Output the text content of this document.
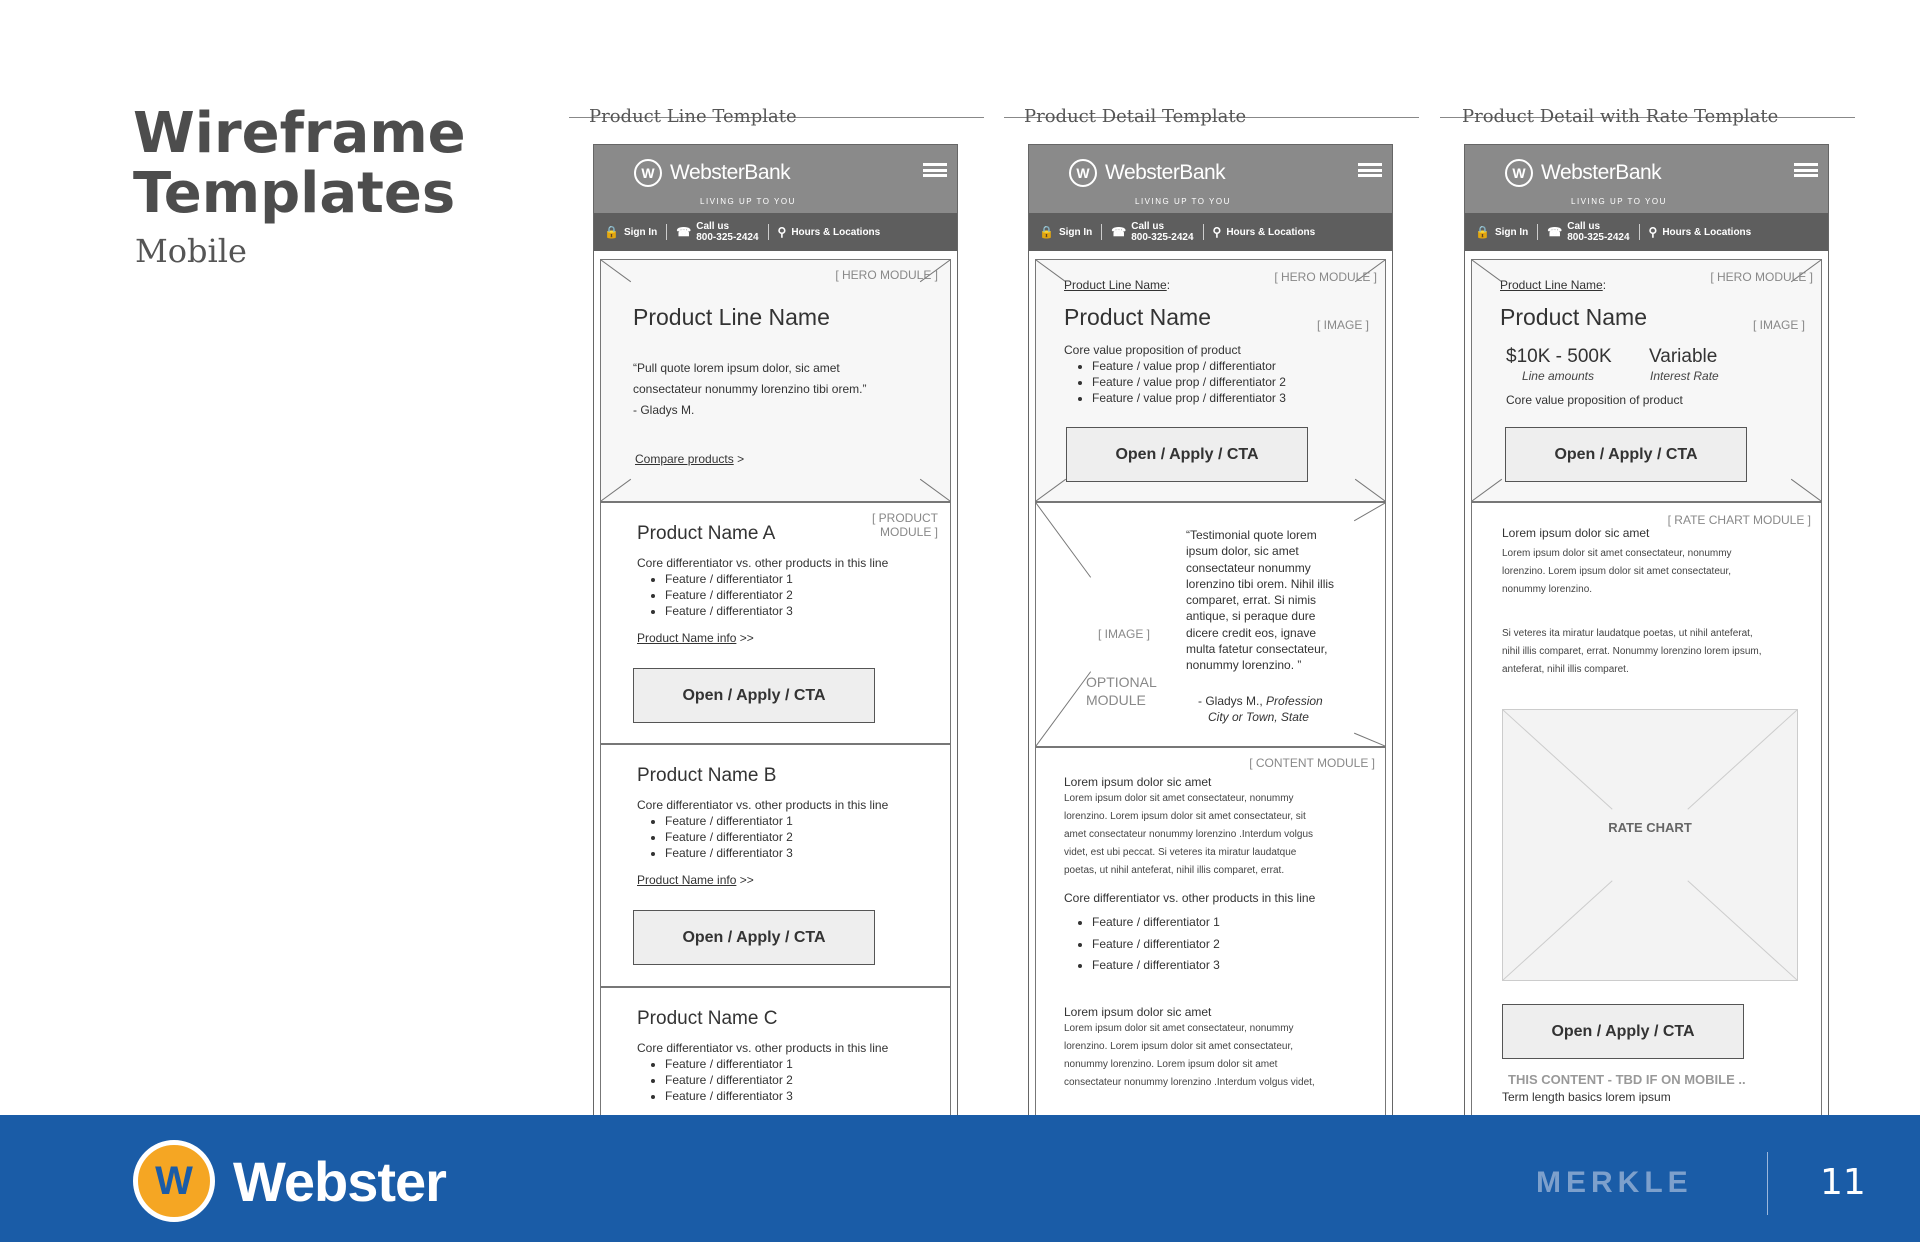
Wireframe
Templates
Mobile
Product Line Template	Product Detail Template	Product Detail with Rate Template
W WebsterBank
LIVING UP TO YOU
🔒 Sign In ☎ Call us
800-325-2424 ⚲ Hours & Locations
[ HERO MODULE ]
Product Line Name
“Pull quote lorem ipsum dolor, sic amet
consectateur nonummy lorenzino tibi orem.”
- Gladys M.
Compare products >
[ PRODUCT
MODULE ]
Product Name A
Core differentiator vs. other products in this line
• Feature / differentiator 1
• Feature / differentiator 2
• Feature / differentiator 3
Product Name info >>
Open / Apply / CTA
Product Name B
Core differentiator vs. other products in this line
• Feature / differentiator 1
• Feature / differentiator 2
• Feature / differentiator 3
Product Name info >>
Open / Apply / CTA
Product Name C
Core differentiator vs. other products in this line
• Feature / differentiator 1
• Feature / differentiator 2
• Feature / differentiator 3
W WebsterBank
LIVING UP TO YOU
🔒 Sign In ☎ Call us
800-325-2424 ⚲ Hours & Locations
Product Line Name:
[ HERO MODULE ]
Product Name	[ IMAGE ]
Core value proposition of product
• Feature / value prop / differentiator
• Feature / value prop / differentiator 2
• Feature / value prop / differentiator 3
Open / Apply / CTA
[ IMAGE ]
OPTIONAL
MODULE
“Testimonial quote lorem
ipsum dolor, sic amet
consectateur nonummy
lorenzino tibi orem. Nihil illis
comparet, errat. Si nimis
antique, si peraque dure
dicere credit eos, ignave
multa fatetur consectateur,
nonummy lorenzino. ”
- Gladys M., Profession
City or Town, State
[ CONTENT MODULE ]
Lorem ipsum dolor sic amet
Lorem ipsum dolor sit amet consectateur, nonummy
lorenzino. Lorem ipsum dolor sit amet consectateur, sit
amet consectateur nonummy lorenzino .Interdum volgus
videt, est ubi peccat. Si veteres ita miratur laudatque
poetas, ut nihil anteferat, nihil illis comparet, errat.
Core differentiator vs. other products in this line
• Feature / differentiator 1
• Feature / differentiator 2
• Feature / differentiator 3
Lorem ipsum dolor sic amet
Lorem ipsum dolor sit amet consectateur, nonummy
lorenzino. Lorem ipsum dolor sit amet consectateur,
nonummy lorenzino. Lorem ipsum dolor sit amet
consectateur nonummy lorenzino .Interdum volgus videt,
W WebsterBank
LIVING UP TO YOU
🔒 Sign In ☎ Call us
800-325-2424 ⚲ Hours & Locations
Product Line Name:
[ HERO MODULE ]
Product Name	[ IMAGE ]
$10K - 500K
Line amounts
Variable
Interest Rate
Core value proposition of product
Open / Apply / CTA
[ RATE CHART MODULE ]
Lorem ipsum dolor sic amet
Lorem ipsum dolor sit amet consectateur, nonummy
lorenzino. Lorem ipsum dolor sit amet consectateur,
nonummy lorenzino.
Si veteres ita miratur laudatque poetas, ut nihil anteferat,
nihil illis comparet, errat. Nonummy lorenzino lorem ipsum,
anteferat, nihil illis comparet.
RATE CHART
Open / Apply / CTA
THIS CONTENT - TBD IF ON MOBILE ..
Term length basics lorem ipsum
W Webster	MERKLE	11
